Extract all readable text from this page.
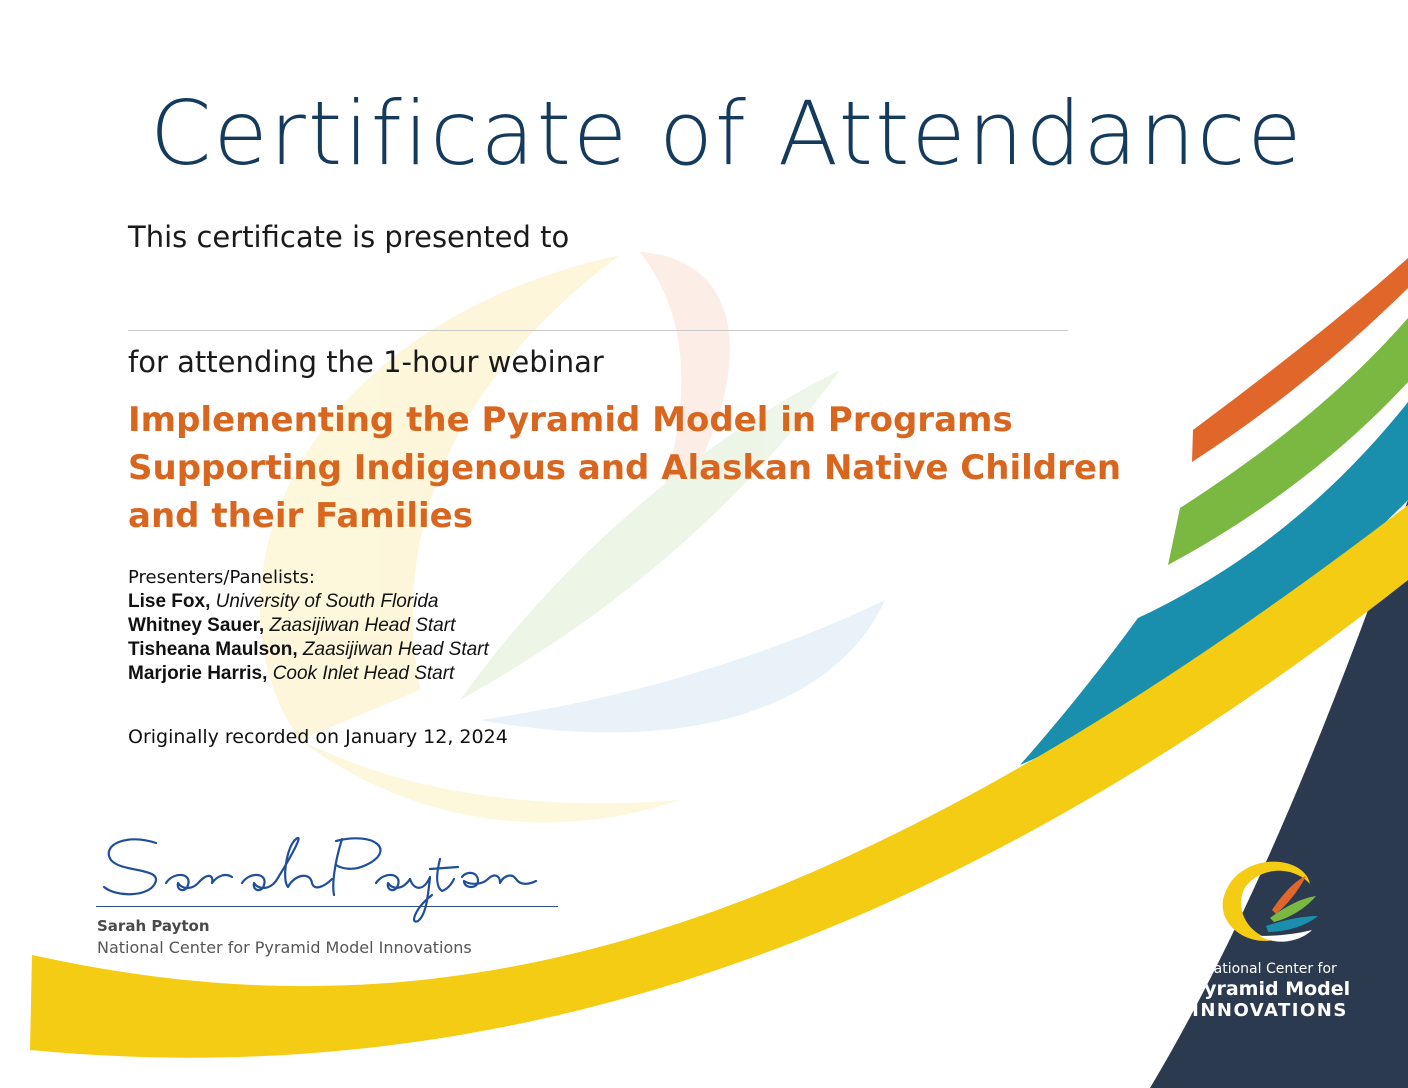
Certificate of Attendance
This certificate is presented to
for attending the 1-hour webinar
Implementing the Pyramid Model in Programs
Supporting Indigenous and Alaskan Native Children
and their Families
Presenters/Panelists:
Lise Fox, University of South Florida
Whitney Sauer, Zaasijiwan Head Start
Tisheana Maulson, Zaasijiwan Head Start
Marjorie Harris, Cook Inlet Head Start
Originally recorded on January 12, 2024
Sarah Payton
National Center for Pyramid Model Innovations
National Center for
Pyramid Model
INNOVATIONS
